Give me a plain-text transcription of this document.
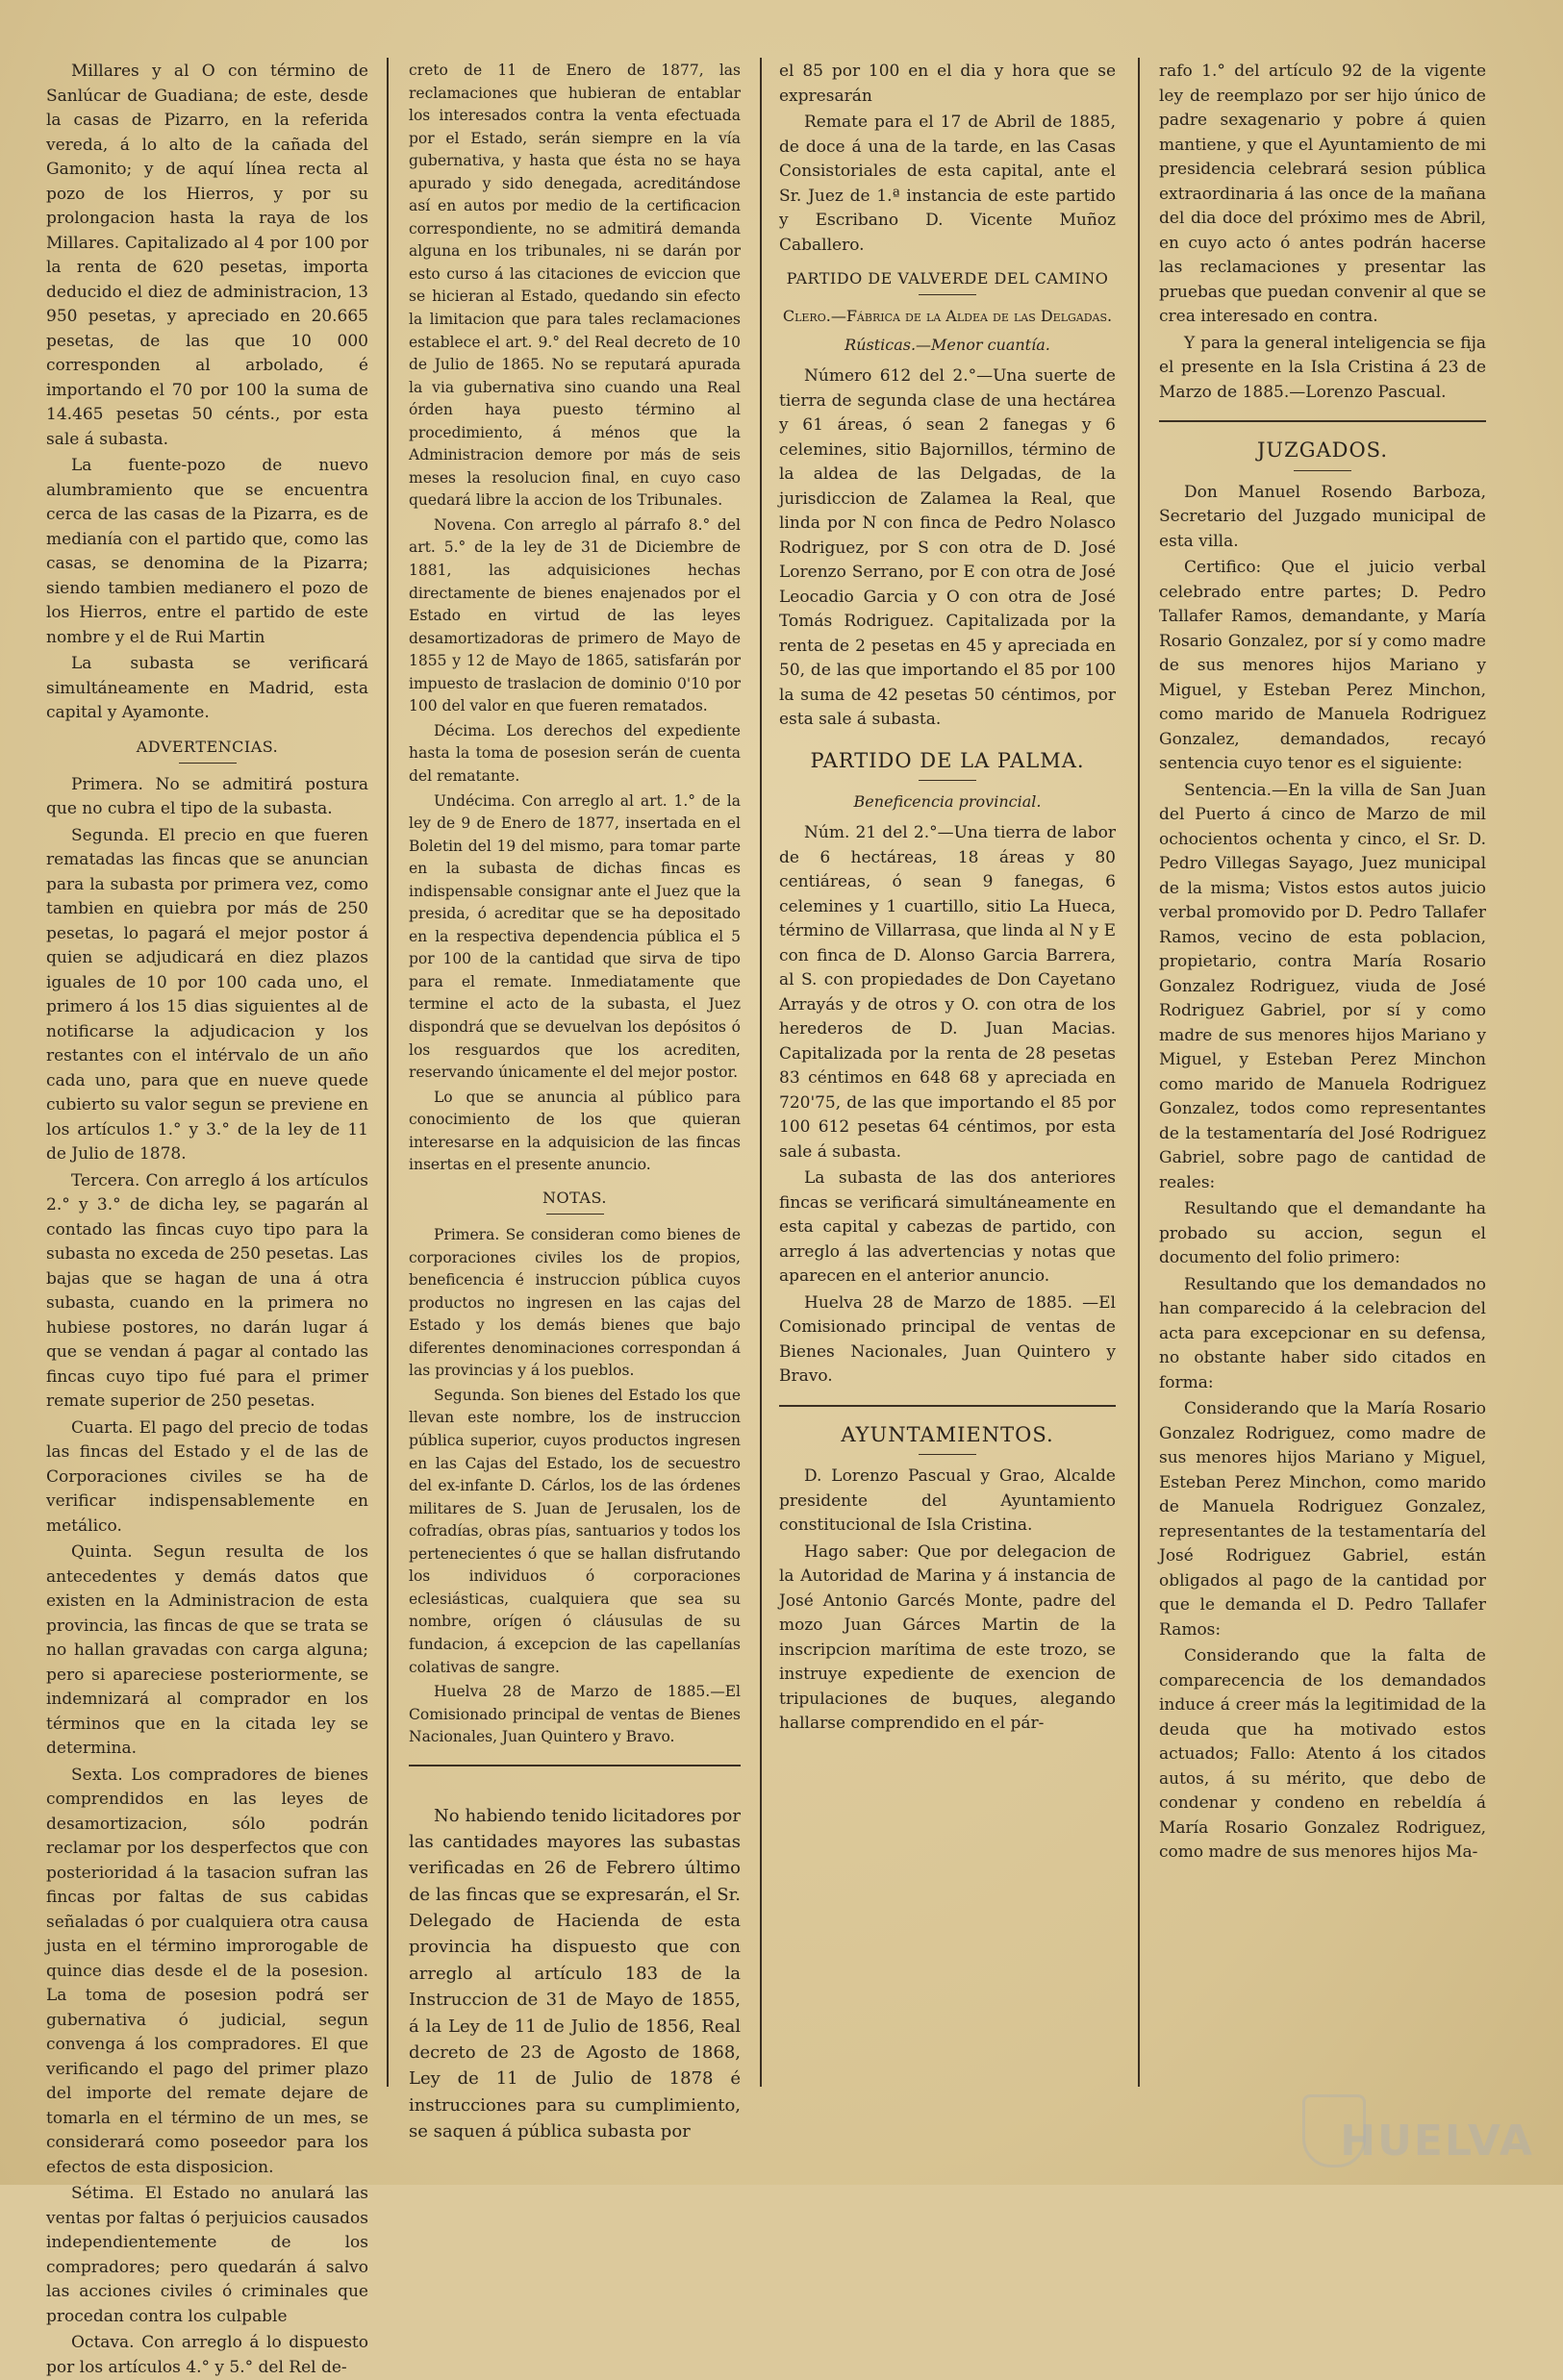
Millares y al O con término de Sanlúcar de Guadiana; de este, desde la casas de Pizarro, en la referida vereda, á lo alto de la cañada del Gamonito; y de aquí línea recta al pozo de los Hierros, y por su prolongacion hasta la raya de los Millares. Capitalizado al 4 por 100 por la renta de 620 pesetas, importa deducido el diez de administracion, 13 950 pesetas, y apreciado en 20.665 pesetas, de las que 10 000 corresponden al arbolado, é importando el 70 por 100 la suma de 14.465 pesetas 50 cénts., por esta sale á subasta.

La fuente-pozo de nuevo alumbramiento que se encuentra cerca de las casas de la Pizarra, es de medianía con el partido que, como las casas, se denomina de la Pizarra; siendo tambien medianero el pozo de los Hierros, entre el partido de este nombre y el de Rui Martin

La subasta se verificará simultáneamente en Madrid, esta capital y Ayamonte.

ADVERTENCIAS.

Primera. No se admitirá postura que no cubra el tipo de la subasta.

Segunda. El precio en que fueren rematadas las fincas que se anuncian para la subasta por primera vez, como tambien en quiebra por más de 250 pesetas, lo pagará el mejor postor á quien se adjudicará en diez plazos iguales de 10 por 100 cada uno, el primero á los 15 dias siguientes al de notificarse la adjudicacion y los restantes con el intérvalo de un año cada uno, para que en nueve quede cubierto su valor segun se previene en los artículos 1.° y 3.° de la ley de 11 de Julio de 1878.

Tercera. Con arreglo á los artículos 2.° y 3.° de dicha ley, se pagarán al contado las fincas cuyo tipo para la subasta no exceda de 250 pesetas. Las bajas que se hagan de una á otra subasta, cuando en la primera no hubiese postores, no darán lugar á que se vendan á pagar al contado las fincas cuyo tipo fué para el primer remate superior de 250 pesetas.

Cuarta. El pago del precio de todas las fincas del Estado y el de las de Corporaciones civiles se ha de verificar indispensablemente en metálico.

Quinta. Segun resulta de los antecedentes y demás datos que existen en la Administracion de esta provincia, las fincas de que se trata se no hallan gravadas con carga alguna; pero si apareciese posteriormente, se indemnizará al comprador en los términos que en la citada ley se determina.

Sexta. Los compradores de bienes comprendidos en las leyes de desamortizacion, sólo podrán reclamar por los desperfectos que con posterioridad á la tasacion sufran las fincas por faltas de sus cabidas señaladas ó por cualquiera otra causa justa en el término improrogable de quince dias desde el de la posesion. La toma de posesion podrá ser gubernativa ó judicial, segun convenga á los compradores. El que verificando el pago del primer plazo del importe del remate dejare de tomarla en el término de un mes, se considerará como poseedor para los efectos de esta disposicion.

Sétima. El Estado no anulará las ventas por faltas ó perjuicios causados independientemente de los compradores; pero quedarán á salvo las acciones civiles ó criminales que procedan contra los culpable

Octava. Con arreglo á lo dispuesto por los artículos 4.° y 5.° del Rel de-

creto de 11 de Enero de 1877, las reclamaciones que hubieran de entablar los interesados contra la venta efectuada por el Estado, serán siempre en la vía gubernativa, y hasta que ésta no se haya apurado y sido denegada, acreditándose así en autos por medio de la certificacion correspondiente, no se admitirá demanda alguna en los tribunales, ni se darán por esto curso á las citaciones de eviccion que se hicieran al Estado, quedando sin efecto la limitacion que para tales reclamaciones establece el art. 9.° del Real decreto de 10 de Julio de 1865. No se reputará apurada la via gubernativa sino cuando una Real órden haya puesto término al procedimiento, á ménos que la Administracion demore por más de seis meses la resolucion final, en cuyo caso quedará libre la accion de los Tribunales.

Novena. Con arreglo al párrafo 8.° del art. 5.° de la ley de 31 de Diciembre de 1881, las adquisiciones hechas directamente de bienes enajenados por el Estado en virtud de las leyes desamortizadoras de primero de Mayo de 1855 y 12 de Mayo de 1865, satisfarán por impuesto de traslacion de dominio 0'10 por 100 del valor en que fueren rematados.

Décima. Los derechos del expediente hasta la toma de posesion serán de cuenta del rematante.

Undécima. Con arreglo al art. 1.° de la ley de 9 de Enero de 1877, insertada en el Boletin del 19 del mismo, para tomar parte en la subasta de dichas fincas es indispensable consignar ante el Juez que la presida, ó acreditar que se ha depositado en la respectiva dependencia pública el 5 por 100 de la cantidad que sirva de tipo para el remate. Inmediatamente que termine el acto de la subasta, el Juez dispondrá que se devuelvan los depósitos ó los resguardos que los acrediten, reservando únicamente el del mejor postor.

Lo que se anuncia al público para conocimiento de los que quieran interesarse en la adquisicion de las fincas insertas en el presente anuncio.

NOTAS.

Primera. Se consideran como bienes de corporaciones civiles los de propios, beneficencia é instruccion pública cuyos productos no ingresen en las cajas del Estado y los demás bienes que bajo diferentes denominaciones correspondan á las provincias y á los pueblos.

Segunda. Son bienes del Estado los que llevan este nombre, los de instruccion pública superior, cuyos productos ingresen en las Cajas del Estado, los de secuestro del ex-infante D. Cárlos, los de las órdenes militares de S. Juan de Jerusalen, los de cofradías, obras pías, santuarios y todos los pertenecientes ó que se hallan disfrutando los individuos ó corporaciones eclesiásticas, cualquiera que sea su nombre, orígen ó cláusulas de su fundacion, á excepcion de las capellanías colativas de sangre.

Huelva 28 de Marzo de 1885.—El Comisionado principal de ventas de Bienes Nacionales, Juan Quintero y Bravo.

No habiendo tenido licitadores por las cantidades mayores las subastas verificadas en 26 de Febrero último de las fincas que se expresarán, el Sr. Delegado de Hacienda de esta provincia ha dispuesto que con arreglo al artículo 183 de la Instruccion de 31 de Mayo de 1855, á la Ley de 11 de Julio de 1856, Real decreto de 23 de Agosto de 1868, Ley de 11 de Julio de 1878 é instrucciones para su cumplimiento, se saquen á pública subasta por

el 85 por 100 en el dia y hora que se expresarán

Remate para el 17 de Abril de 1885, de doce á una de la tarde, en las Casas Consistoriales de esta capital, ante el Sr. Juez de 1.ª instancia de este partido y Escribano D. Vicente Muñoz Caballero.

PARTIDO DE VALVERDE DEL CAMINO

Clero.—Fábrica de la Aldea de las Delgadas.

Rústicas.—Menor cuantía.

Número 612 del 2.°—Una suerte de tierra de segunda clase de una hectárea y 61 áreas, ó sean 2 fanegas y 6 celemines, sitio Bajornillos, término de la aldea de las Delgadas, de la jurisdiccion de Zalamea la Real, que linda por N con finca de Pedro Nolasco Rodriguez, por S con otra de D. José Lorenzo Serrano, por E con otra de José Leocadio Garcia y O con otra de José Tomás Rodriguez. Capitalizada por la renta de 2 pesetas en 45 y apreciada en 50, de las que importando el 85 por 100 la suma de 42 pesetas 50 céntimos, por esta sale á subasta.

PARTIDO DE LA PALMA.
Beneficencia provincial.

Núm. 21 del 2.°—Una tierra de labor de 6 hectáreas, 18 áreas y 80 centiáreas, ó sean 9 fanegas, 6 celemines y 1 cuartillo, sitio La Hueca, término de Villarrasa, que linda al N y E con finca de D. Alonso Garcia Barrera, al S. con propiedades de Don Cayetano Arrayás y de otros y O. con otra de los herederos de D. Juan Macias. Capitalizada por la renta de 28 pesetas 83 céntimos en 648 68 y apreciada en 720'75, de las que importando el 85 por 100 612 pesetas 64 céntimos, por esta sale á subasta.

La subasta de las dos anteriores fincas se verificará simultáneamente en esta capital y cabezas de partido, con arreglo á las advertencias y notas que aparecen en el anterior anuncio.

Huelva 28 de Marzo de 1885. —El Comisionado principal de ventas de Bienes Nacionales, Juan Quintero y Bravo.

AYUNTAMIENTOS.

D. Lorenzo Pascual y Grao, Alcalde presidente del Ayuntamiento constitucional de Isla Cristina.

Hago saber: Que por delegacion de la Autoridad de Marina y á instancia de José Antonio Garcés Monte, padre del mozo Juan Gárces Martin de la inscripcion marítima de este trozo, se instruye expediente de exencion de tripulaciones de buques, alegando hallarse comprendido en el pár-

rafo 1.° del artículo 92 de la vigente ley de reemplazo por ser hijo único de padre sexagenario y pobre á quien mantiene, y que el Ayuntamiento de mi presidencia celebrará sesion pública extraordinaria á las once de la mañana del dia doce del próximo mes de Abril, en cuyo acto ó antes podrán hacerse las reclamaciones y presentar las pruebas que puedan convenir al que se crea interesado en contra.

Y para la general inteligencia se fija el presente en la Isla Cristina á 23 de Marzo de 1885.—Lorenzo Pascual.

JUZGADOS.

Don Manuel Rosendo Barboza, Secretario del Juzgado municipal de esta villa.

Certifico: Que el juicio verbal celebrado entre partes; D. Pedro Tallafer Ramos, demandante, y María Rosario Gonzalez, por sí y como madre de sus menores hijos Mariano y Miguel, y Esteban Perez Minchon, como marido de Manuela Rodriguez Gonzalez, demandados, recayó sentencia cuyo tenor es el siguiente:

Sentencia.—En la villa de San Juan del Puerto á cinco de Marzo de mil ochocientos ochenta y cinco, el Sr. D. Pedro Villegas Sayago, Juez municipal de la misma; Vistos estos autos juicio verbal promovido por D. Pedro Tallafer Ramos, vecino de esta poblacion, propietario, contra María Rosario Gonzalez Rodriguez, viuda de José Rodriguez Gabriel, por sí y como madre de sus menores hijos Mariano y Miguel, y Esteban Perez Minchon como marido de Manuela Rodriguez Gonzalez, todos como representantes de la testamentaría del José Rodriguez Gabriel, sobre pago de cantidad de reales:

Resultando que el demandante ha probado su accion, segun el documento del folio primero:

Resultando que los demandados no han comparecido á la celebracion del acta para excepcionar en su defensa, no obstante haber sido citados en forma:

Considerando que la María Rosario Gonzalez Rodriguez, como madre de sus menores hijos Mariano y Miguel, Esteban Perez Minchon, como marido de Manuela Rodriguez Gonzalez, representantes de la testamentaría del José Rodriguez Gabriel, están obligados al pago de la cantidad por que le demanda el D. Pedro Tallafer Ramos:

Considerando que la falta de comparecencia de los demandados induce á creer más la legitimidad de la deuda que ha motivado estos actuados; Fallo: Atento á los citados autos, á su mérito, que debo de condenar y condeno en rebeldía á María Rosario Gonzalez Rodriguez, como madre de sus menores hijos Ma-

HUELVA
